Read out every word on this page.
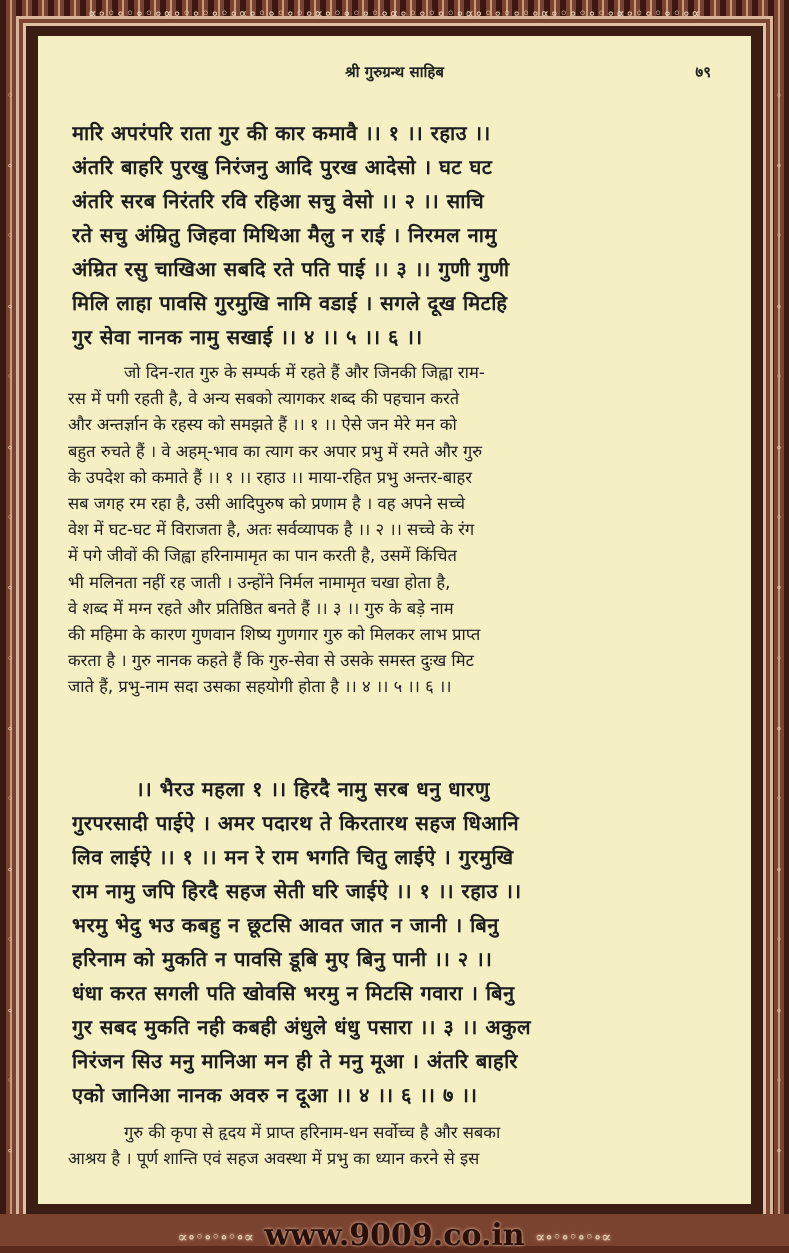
∝∘◦∘◦∘◦∘∝∘◦∘◦∘◦∘∝∘◦∘◦∘◦∘∝∘◦∘◦∘◦∘∝∘◦∘◦∘◦∘∝∘◦∘◦∘◦∘∝∘◦∘◦∘◦∘∝∘◦∘◦∘◦∘∝
◦
∘
◦
∘
◦
∘
◦
∘
◦
∘
◦
∘
◦
∘
◦
∘
◦
∘
◦
∘
◦
∘
◦
∘
◦
∘
◦
∘
◦
∘
◦
∘
श्री गुरुग्रन्थ साहिब	७९
मारि अपरंपरि राता गुर की कार कमावै ।। १ ।। रहाउ ।।
अंतरि बाहरि पुरखु निरंजनु आदि पुरख आदेसो । घट घट
अंतरि सरब निरंतरि रवि रहिआ सचु वेसो ।। २ ।। साचि
रते सचु अंम्रितु जिहवा मिथिआ मैलु न राई । निरमल नामु
अंम्रित रसु चाखिआ सबदि रते पति पाई ।। ३ ।। गुणी गुणी
मिलि लाहा पावसि गुरमुखि नामि वडाई । सगले दूख मिटहि
गुर सेवा नानक नामु सखाई ।। ४ ।। ५ ।। ६ ।।
जो दिन-रात गुरु के सम्पर्क में रहते हैं और जिनकी जिह्वा राम-
रस में पगी रहती है, वे अन्य सबको त्यागकर शब्द की पहचान करते
और अन्तर्ज्ञान के रहस्य को समझते हैं ।। १ ।। ऐसे जन मेरे मन को
बहुत रुचते हैं । वे अहम्-भाव का त्याग कर अपार प्रभु में रमते और गुरु
के उपदेश को कमाते हैं ।। १ ।। रहाउ ।। माया-रहित प्रभु अन्तर-बाहर
सब जगह रम रहा है, उसी आदिपुरुष को प्रणाम है । वह अपने सच्चे
वेश में घट-घट में विराजता है, अतः सर्वव्यापक है ।। २ ।। सच्चे के रंग
में पगे जीवों की जिह्वा हरिनामामृत का पान करती है, उसमें किंचित
भी मलिनता नहीं रह जाती । उन्होंने निर्मल नामामृत चखा होता है,
वे शब्द में मग्न रहते और प्रतिष्ठित बनते हैं ।। ३ ।। गुरु के बड़े नाम
की महिमा के कारण गुणवान शिष्य गुणगार गुरु को मिलकर लाभ प्राप्त
करता है । गुरु नानक कहते हैं कि गुरु-सेवा से उसके समस्त दुःख मिट
जाते हैं, प्रभु-नाम सदा उसका सहयोगी होता है ।। ४ ।। ५ ।। ६ ।।
।। भैरउ महला १ ।। हिरदै नामु सरब धनु धारणु
गुरपरसादी पाईऐ । अमर पदारथ ते किरतारथ सहज धिआनि
लिव लाईऐ ।। १ ।। मन रे राम भगति चितु लाईऐ । गुरमुखि
राम नामु जपि हिरदै सहज सेती घरि जाईऐ ।। १ ।। रहाउ ।।
भरमु भेदु भउ कबहु न छूटसि आवत जात न जानी । बिनु
हरिनाम को मुकति न पावसि डूबि मुए बिनु पानी ।। २ ।।
धंधा करत सगली पति खोवसि भरमु न मिटसि गवारा । बिनु
गुर सबद मुकति नही कबही अंधुले धंधु पसारा ।। ३ ।। अकुल
निरंजन सिउ मनु मानिआ मन ही ते मनु मूआ । अंतरि बाहरि
एको जानिआ नानक अवरु न दूआ ।। ४ ।। ६ ।। ७ ।।
गुरु की कृपा से हृदय में प्राप्त हरिनाम-धन सर्वोच्च है और सबका
आश्रय है । पूर्ण शान्ति एवं सहज अवस्था में प्रभु का ध्यान करने से इस
∝∘◦∘◦∘◦∘∝ www.9009.co.in ∝∘◦∘◦∘◦∘∝
